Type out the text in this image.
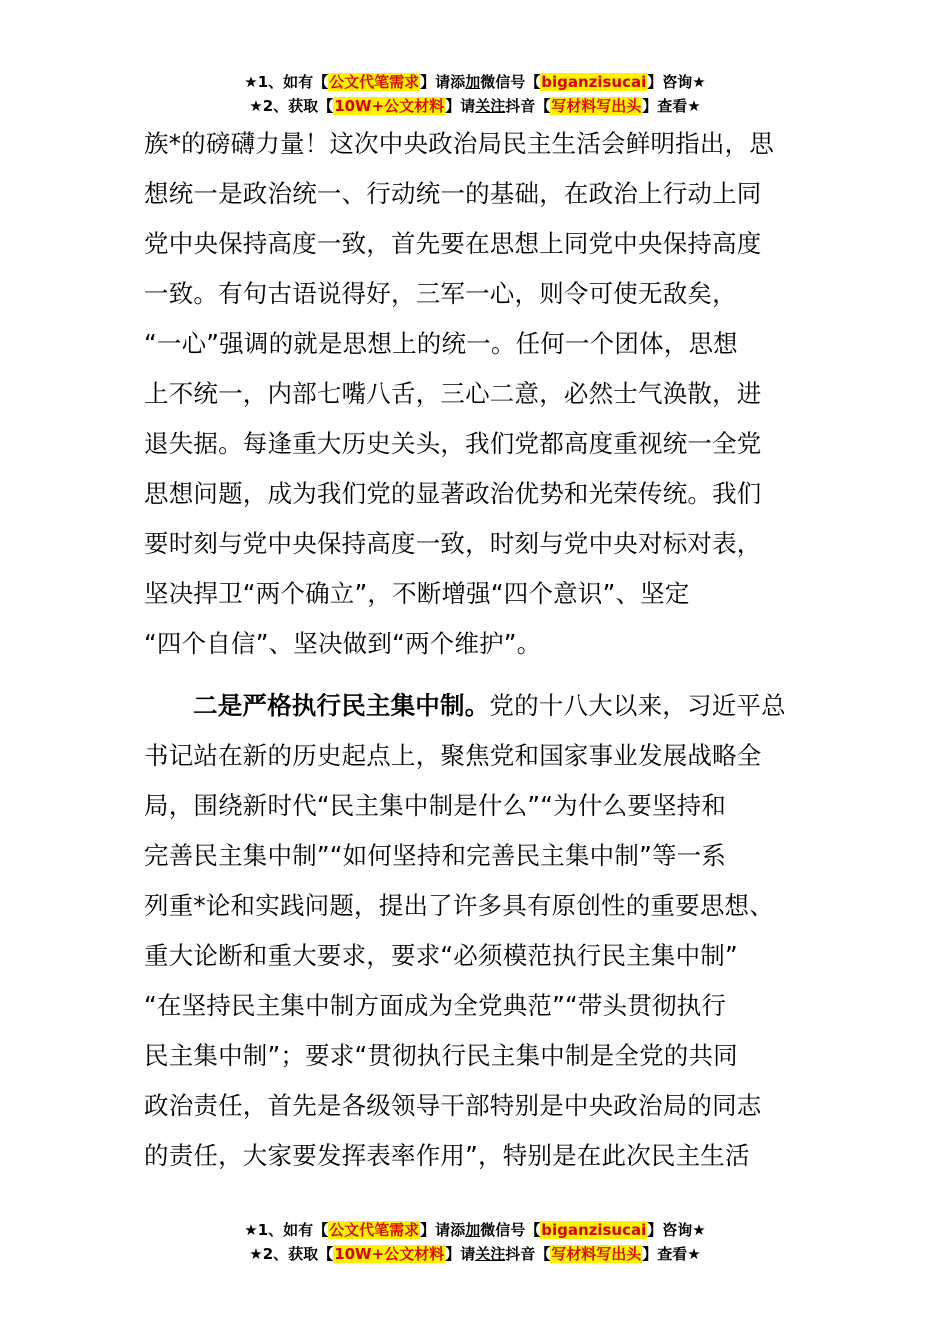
★1、如有【公文代笔需求】请添加微信号【biganzisucai】咨询★
★2、获取【10W+公文材料】请关注抖音【写材料写出头】查看★
族*的磅礴力量！这次中央政治局民主生活会鲜明指出，思
想统一是政治统一、行动统一的基础，在政治上行动上同
党中央保持高度一致，首先要在思想上同党中央保持高度
一致。有句古语说得好，三军一心，则令可使无敌矣，
“一心”强调的就是思想上的统一。任何一个团体，思想
上不统一，内部七嘴八舌，三心二意，必然士气涣散，进
退失据。每逢重大历史关头，我们党都高度重视统一全党
思想问题，成为我们党的显著政治优势和光荣传统。我们
要时刻与党中央保持高度一致，时刻与党中央对标对表，
坚决捍卫“两个确立”，不断增强“四个意识”、坚定
“四个自信”、坚决做到“两个维护”。
二是严格执行民主集中制。党的十八大以来，习近平总
书记站在新的历史起点上，聚焦党和国家事业发展战略全
局，围绕新时代“民主集中制是什么”“为什么要坚持和
完善民主集中制”“如何坚持和完善民主集中制”等一系
列重*论和实践问题，提出了许多具有原创性的重要思想、
重大论断和重大要求，要求“必须模范执行民主集中制”
“在坚持民主集中制方面成为全党典范”“带头贯彻执行
民主集中制”；要求“贯彻执行民主集中制是全党的共同
政治责任，首先是各级领导干部特别是中央政治局的同志
的责任，大家要发挥表率作用”，特别是在此次民主生活
★1、如有【公文代笔需求】请添加微信号【biganzisucai】咨询★
★2、获取【10W+公文材料】请关注抖音【写材料写出头】查看★
